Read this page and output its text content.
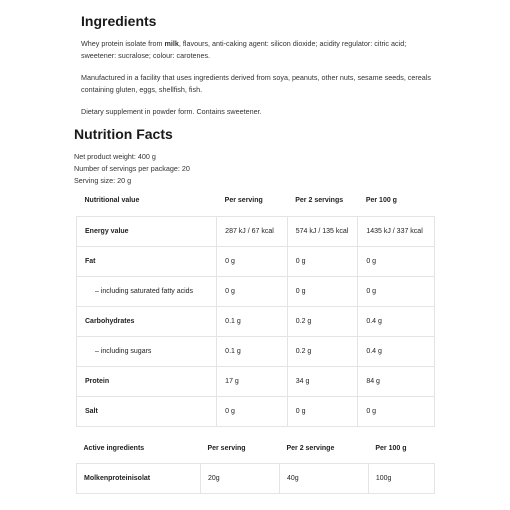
Ingredients

Whey protein isolate from milk, flavours, anti-caking agent: silicon dioxide; acidity regulator: citric acid; sweetener: sucralose; colour: carotenes.

Manufactured in a facility that uses ingredients derived from soya, peanuts, other nuts, sesame seeds, cereals containing gluten, eggs, shellfish, fish.

Dietary supplement in powder form. Contains sweetener.

Nutrition Facts

Net product weight: 400 g

Number of servings per package: 20

Serving size: 20 g

Nutritional value	Per serving	Per 2 servings	Per 100 g
Energy value	287 kJ / 67 kcal	574 kJ / 135 kcal	1435 kJ / 337 kcal
Fat	0 g	0 g	0 g
– including saturated fatty acids	0 g	0 g	0 g
Carbohydrates	0.1 g	0.2 g	0.4 g
– including sugars	0.1 g	0.2 g	0.4 g
Protein	17 g	34 g	84 g
Salt	0 g	0 g	0 g
Active ingredients	Per serving	Per 2 servinge	Per 100 g
Molkenproteinisolat	20g	40g	100g
